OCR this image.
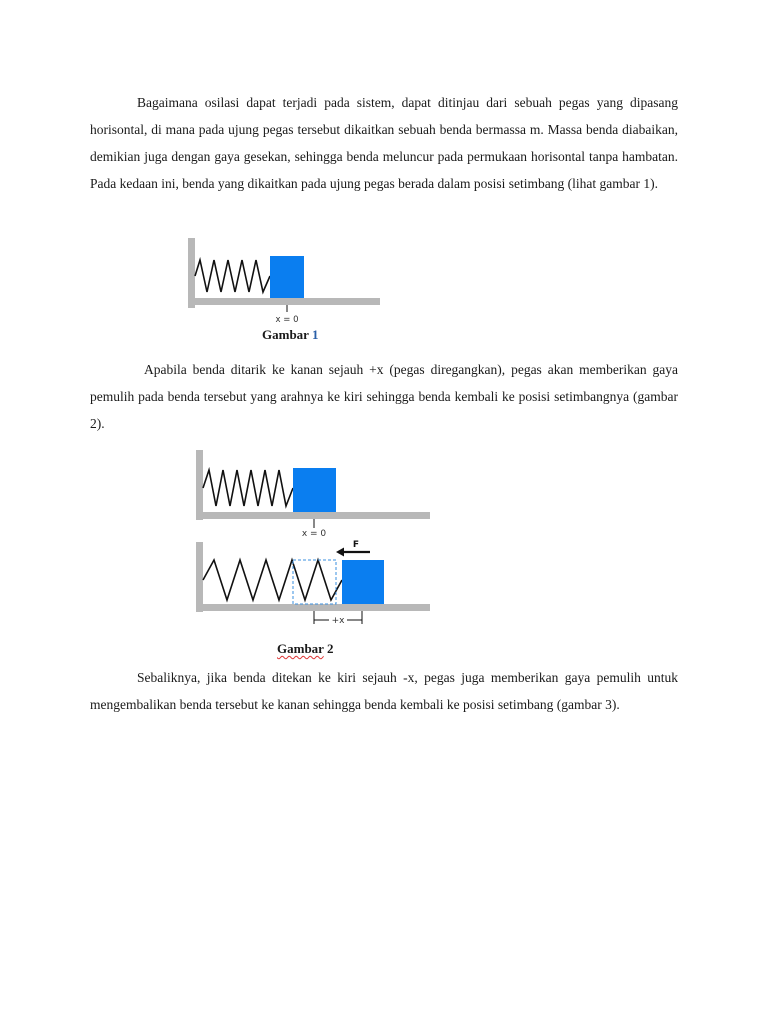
Bagaimana osilasi dapat terjadi pada sistem, dapat ditinjau dari sebuah pegas yang dipasang horisontal, di mana pada ujung pegas tersebut dikaitkan sebuah benda bermassa m. Massa benda diabaikan, demikian juga dengan gaya gesekan, sehingga benda meluncur pada permukaan horisontal tanpa hambatan. Pada kedaan ini, benda yang dikaitkan pada ujung pegas berada dalam posisi setimbang (lihat gambar 1).

x = 0
Gambar 1

Apabila benda ditarik ke kanan sejauh +x (pegas diregangkan), pegas akan memberikan gaya pemulih pada benda tersebut yang arahnya ke kiri sehingga benda kembali ke posisi setimbangnya (gambar 2).

x = 0
F
+x
Gambar 2

Sebaliknya, jika benda ditekan ke kiri sejauh -x, pegas juga memberikan gaya pemulih untuk mengembalikan benda tersebut ke kanan sehingga benda kembali ke posisi setimbang (gambar 3).
